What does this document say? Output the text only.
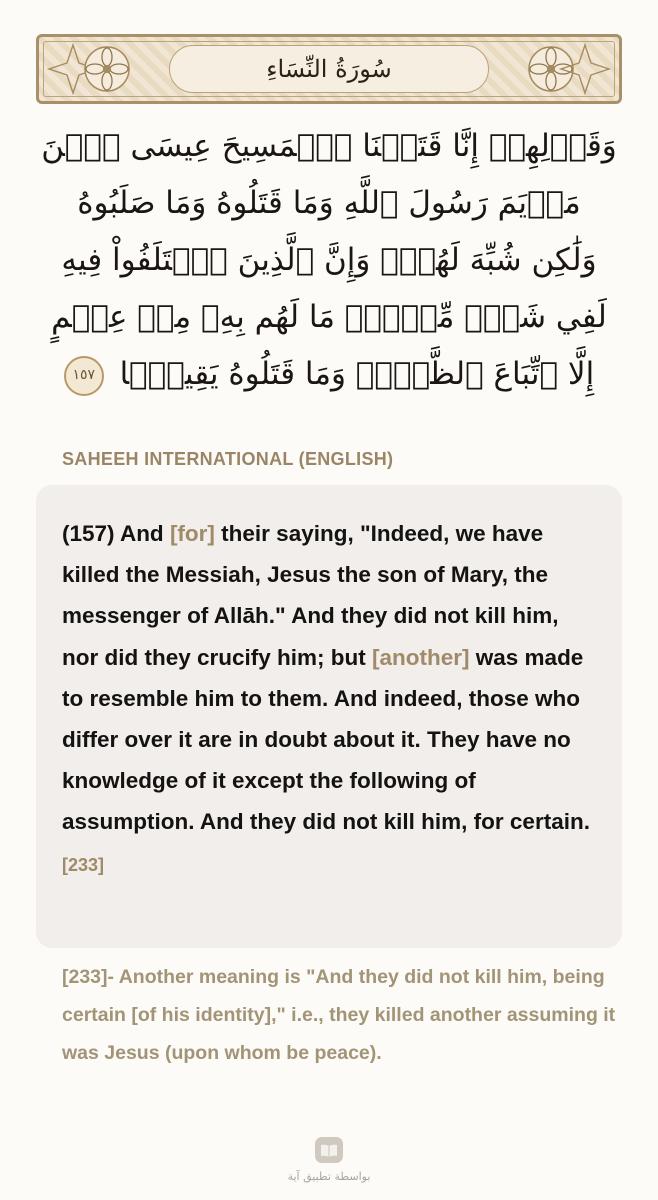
سُورَةُ النِّسَاءِ
وَقَوۡلِهِمۡ إِنَّا قَتَلۡنَا ٱلۡمَسِيحَ عِيسَى ٱبۡنَ مَرۡيَمَ رَسُولَ ٱللَّهِ وَمَا قَتَلُوهُ وَمَا صَلَبُوهُ وَلَٰكِن شُبِّهَ لَهُمۡۚ وَإِنَّ ٱلَّذِينَ ٱخۡتَلَفُواْ فِيهِ لَفِي شَكّٖ مِّنۡهُۚ مَا لَهُم بِهِۦ مِنۡ عِلۡمٍ إِلَّا ٱتِّبَاعَ ٱلظَّنِّۚ وَمَا قَتَلُوهُ يَقِينَۢا ١٥٧
SAHEEH INTERNATIONAL (ENGLISH)

(157) And [for] their saying, "Indeed, we have killed the Messiah, Jesus the son of Mary, the messenger of Allāh." And they did not kill him, nor did they crucify him; but [another] was made to resemble him to them. And indeed, those who differ over it are in doubt about it. They have no knowledge of it except the following of assumption. And they did not kill him, for certain.[233]

[233]- Another meaning is "And they did not kill him, being certain [of his identity]," i.e., they killed another assuming it was Jesus (upon whom be peace).

بواسطة تطبيق آية
